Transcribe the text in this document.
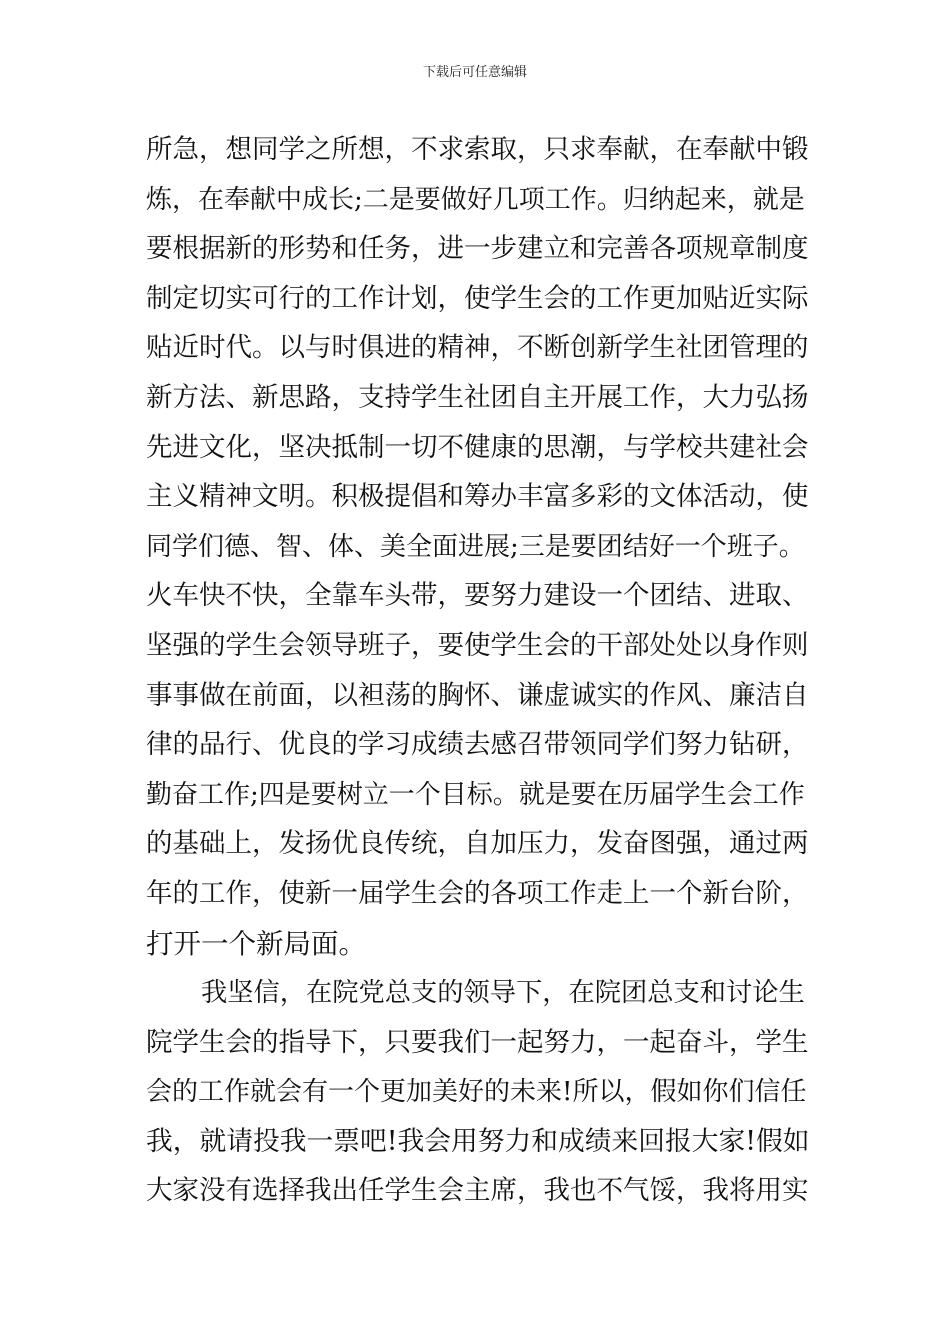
下载后可任意编辑
所急，想同学之所想，不求索取，只求奉献，在奉献中锻
炼，在奉献中成长;二是要做好几项工作。归纳起来，就是
要根据新的形势和任务，进一步建立和完善各项规章制度
制定切实可行的工作计划，使学生会的工作更加贴近实际
贴近时代。以与时俱进的精神，不断创新学生社团管理的
新方法、新思路，支持学生社团自主开展工作，大力弘扬
先进文化，坚决抵制一切不健康的思潮，与学校共建社会
主义精神文明。积极提倡和筹办丰富多彩的文体活动，使
同学们德、智、体、美全面进展;三是要团结好一个班子。
火车快不快，全靠车头带，要努力建设一个团结、进取、
坚强的学生会领导班子，要使学生会的干部处处以身作则
事事做在前面，以袒荡的胸怀、谦虚诚实的作风、廉洁自
律的品行、优良的学习成绩去感召带领同学们努力钻研，
勤奋工作;四是要树立一个目标。就是要在历届学生会工作
的基础上，发扬优良传统，自加压力，发奋图强，通过两
年的工作，使新一届学生会的各项工作走上一个新台阶，
打开一个新局面。
我坚信，在院党总支的领导下，在院团总支和讨论生
院学生会的指导下，只要我们一起努力，一起奋斗，学生
会的工作就会有一个更加美好的未来!所以，假如你们信任
我，就请投我一票吧!我会用努力和成绩来回报大家!假如
大家没有选择我出任学生会主席，我也不气馁，我将用实
